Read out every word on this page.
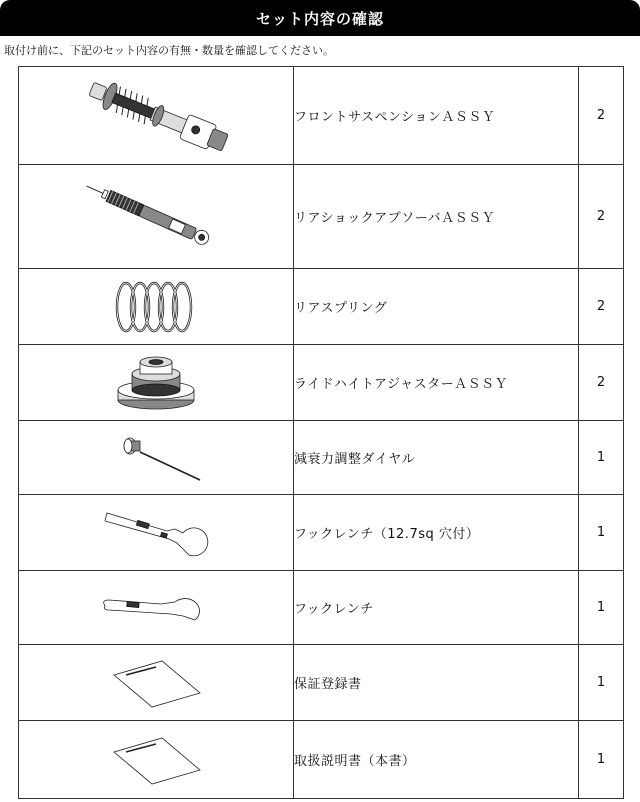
セット内容の確認
取付け前に、下記のセット内容の有無・数量を確認してください。
	フロントサスペンションＡＳＳＹ	2

	リアショックアブソーバＡＳＳＹ	2

	リアスプリング	2

	ライドハイトアジャスターＡＳＳＹ	2

	減衰力調整ダイヤル	1

	フックレンチ（12.7sq 穴付）	1

	フックレンチ	1

	保証登録書	1

	取扱説明書（本書）	1
